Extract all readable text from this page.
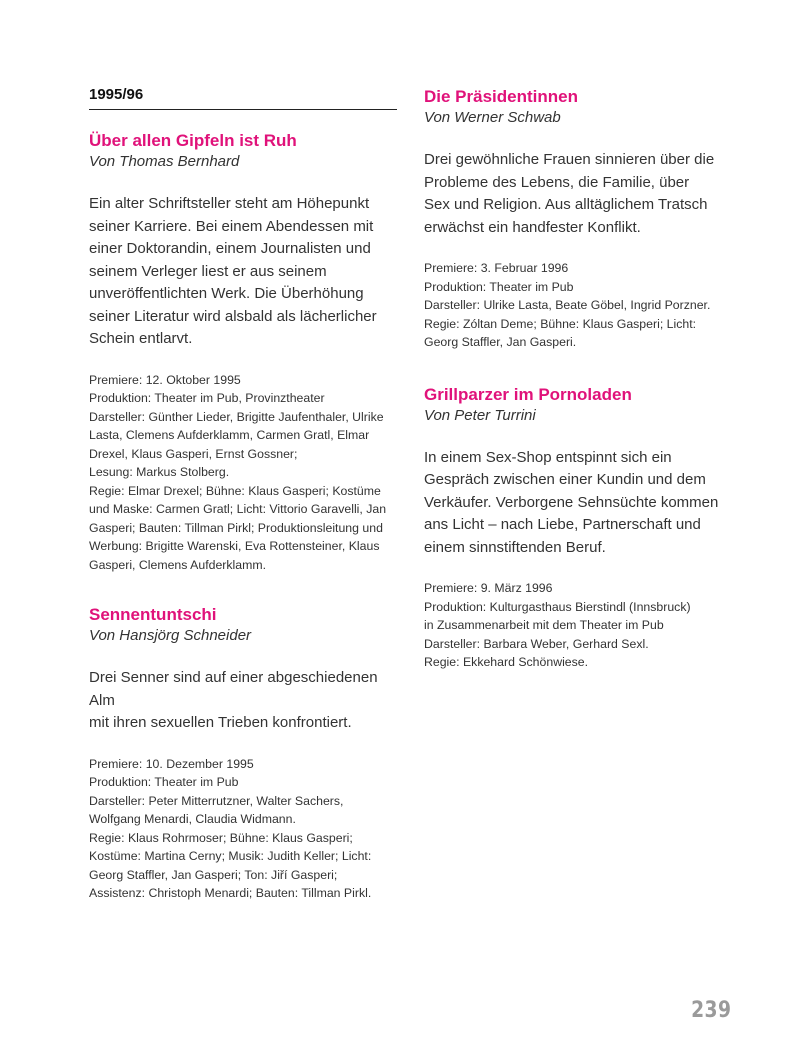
1995/96
Über allen Gipfeln ist Ruh
Von Thomas Bernhard
Ein alter Schriftsteller steht am Höhepunkt
seiner Karriere. Bei einem Abendessen mit
einer Doktorandin, einem Journalisten und
seinem Verleger liest er aus seinem
unveröffentlichten Werk. Die Überhöhung
seiner Literatur wird alsbald als lächerlicher
Schein entlarvt.
Premiere: 12. Oktober 1995
Produktion: Theater im Pub, Provinztheater
Darsteller: Günther Lieder, Brigitte Jaufenthaler, Ulrike
Lasta, Clemens Aufderklamm, Carmen Gratl, Elmar
Drexel, Klaus Gasperi, Ernst Gossner;
Lesung: Markus Stolberg.
Regie: Elmar Drexel; Bühne: Klaus Gasperi; Kostüme
und Maske: Carmen Gratl; Licht: Vittorio Garavelli, Jan
Gasperi; Bauten: Tillman Pirkl; Produktionsleitung und
Werbung: Brigitte Warenski, Eva Rottensteiner, Klaus
Gasperi, Clemens Aufderklamm.
Sennentuntschi
Von Hansjörg Schneider
Drei Senner sind auf einer abgeschiedenen Alm
mit ihren sexuellen Trieben konfrontiert.
Premiere: 10. Dezember 1995
Produktion: Theater im Pub
Darsteller: Peter Mitterrutzner, Walter Sachers,
Wolfgang Menardi, Claudia Widmann.
Regie: Klaus Rohrmoser; Bühne: Klaus Gasperi;
Kostüme: Martina Cerny; Musik: Judith Keller; Licht:
Georg Staffler, Jan Gasperi; Ton: Jiří Gasperi;
Assistenz: Christoph Menardi; Bauten: Tillman Pirkl.
Die Präsidentinnen
Von Werner Schwab
Drei gewöhnliche Frauen sinnieren über die
Probleme des Lebens, die Familie, über
Sex und Religion. Aus alltäglichem Tratsch
erwächst ein handfester Konflikt.
Premiere: 3. Februar 1996
Produktion: Theater im Pub
Darsteller: Ulrike Lasta, Beate Göbel, Ingrid Porzner.
Regie: Zóltan Deme; Bühne: Klaus Gasperi; Licht:
Georg Staffler, Jan Gasperi.
Grillparzer im Pornoladen
Von Peter Turrini
In einem Sex-Shop entspinnt sich ein
Gespräch zwischen einer Kundin und dem
Verkäufer. Verborgene Sehnsüchte kommen
ans Licht – nach Liebe, Partnerschaft und
einem sinnstiftenden Beruf.
Premiere: 9. März 1996
Produktion: Kulturgasthaus Bierstindl (Innsbruck)
in Zusammenarbeit mit dem Theater im Pub
Darsteller: Barbara Weber, Gerhard Sexl.
Regie: Ekkehard Schönwiese.
239
